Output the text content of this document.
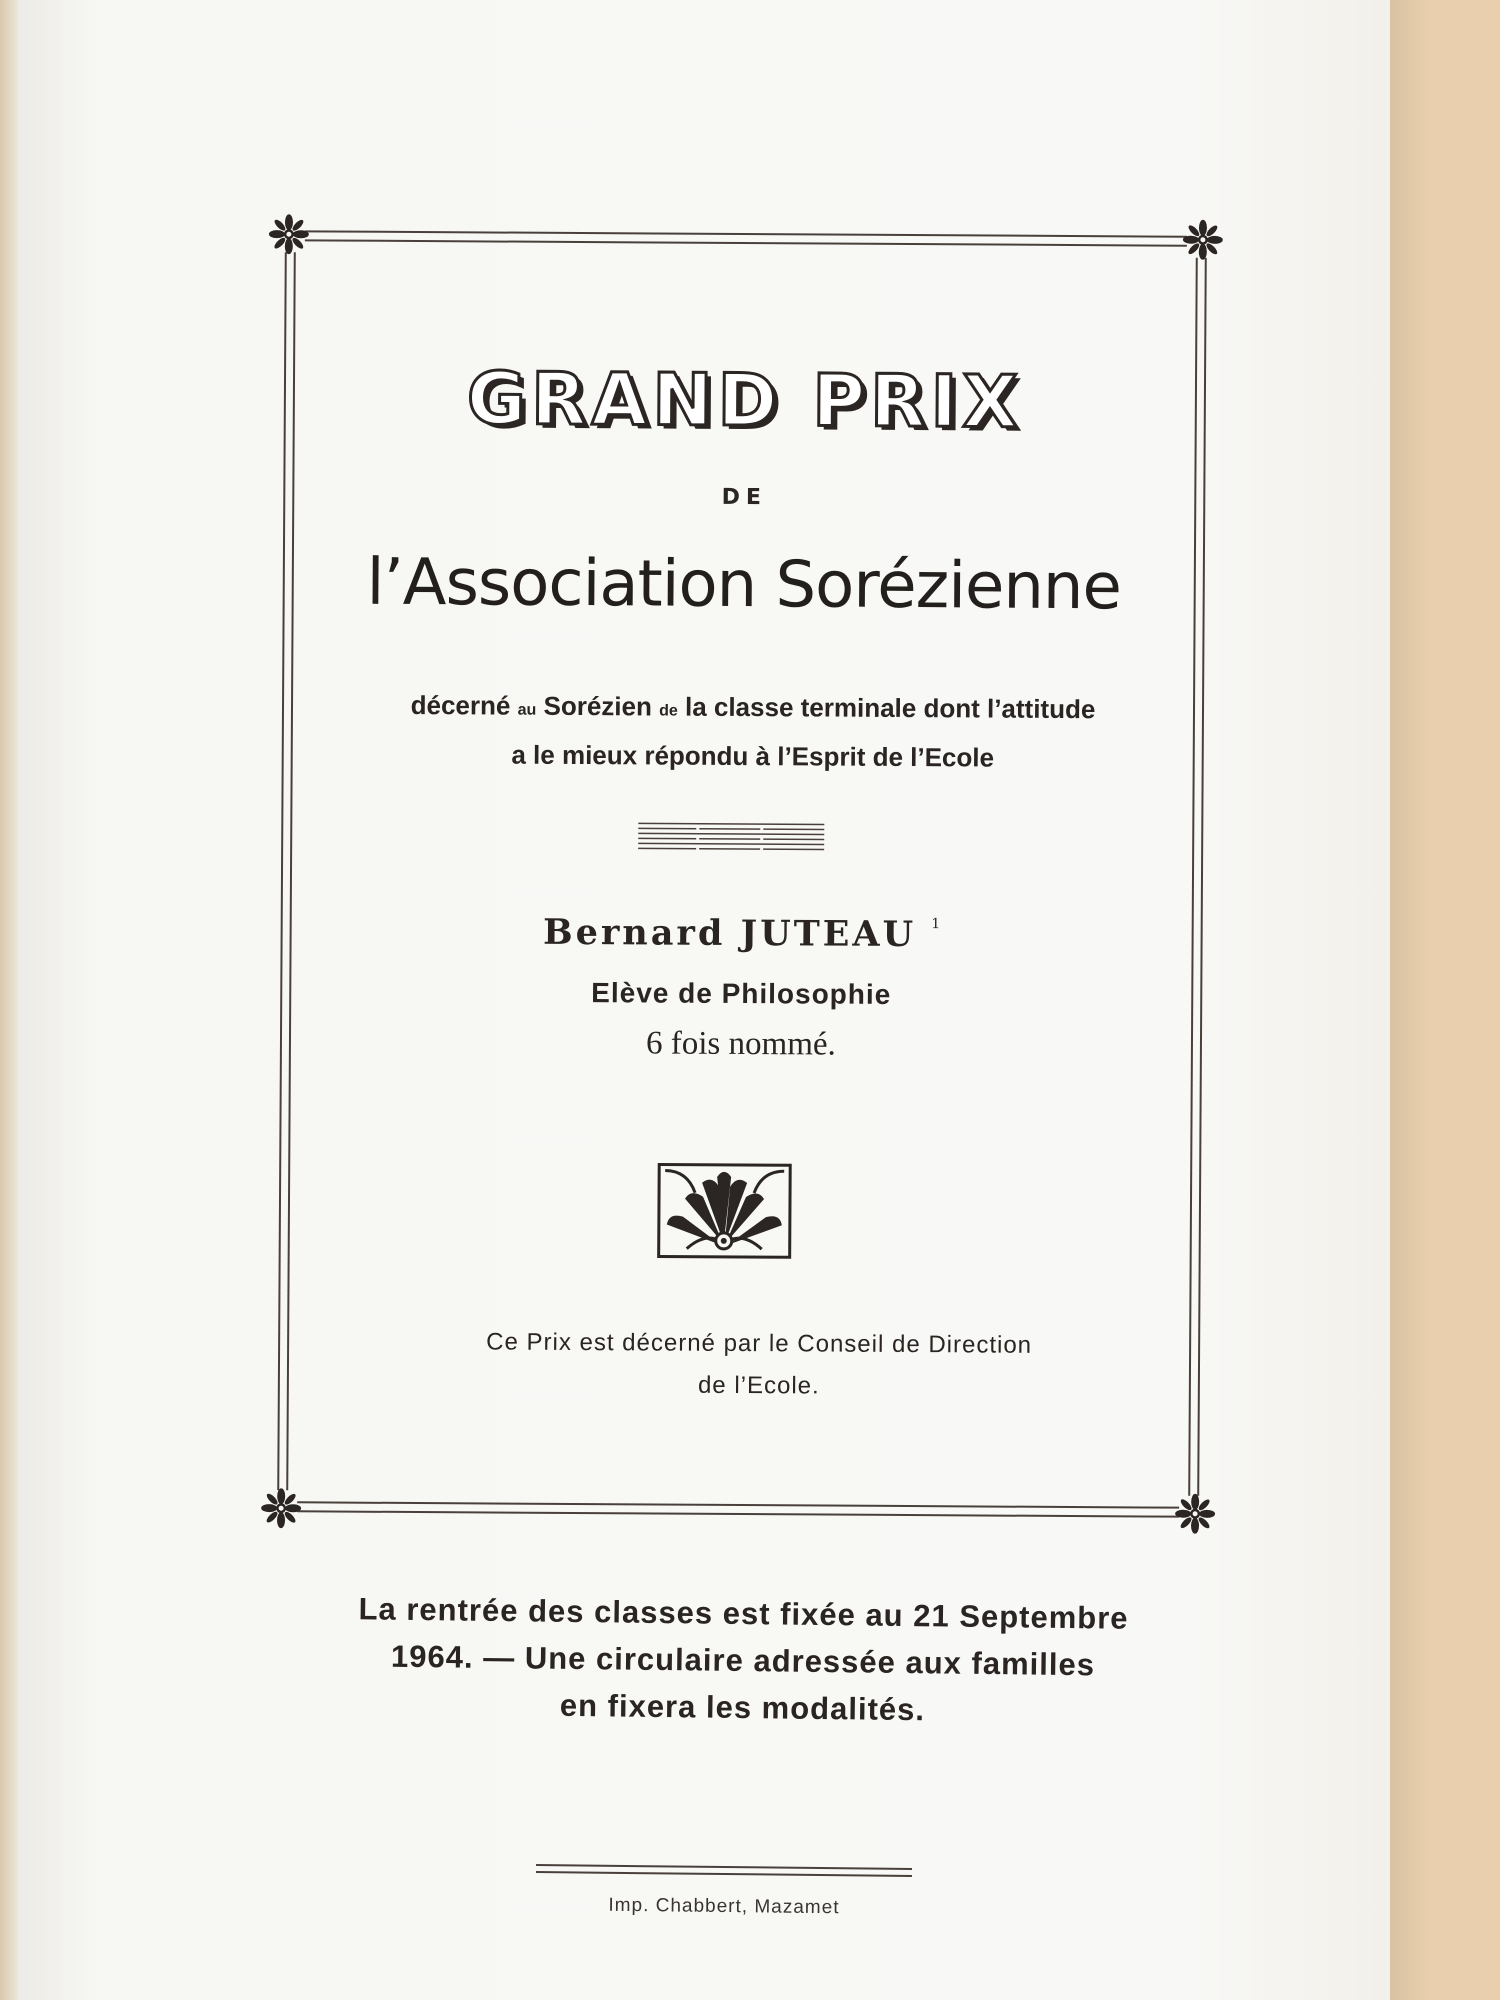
GRAND PRIX
DE
l’Association Sorézienne
décerné au Sorézien de la classe terminale dont l’attitude
a le mieux répondu à l’Esprit de l’Ecole
Bernard JUTEAU $^1$
Elève de Philosophie
6 fois nommé.
Ce Prix est décerné par le Conseil de Direction
de l’Ecole.
La rentrée des classes est fixée au 21 Septembre
1964. — Une circulaire adressée aux familles
en fixera les modalités.
Imp. Chabbert, Mazamet
